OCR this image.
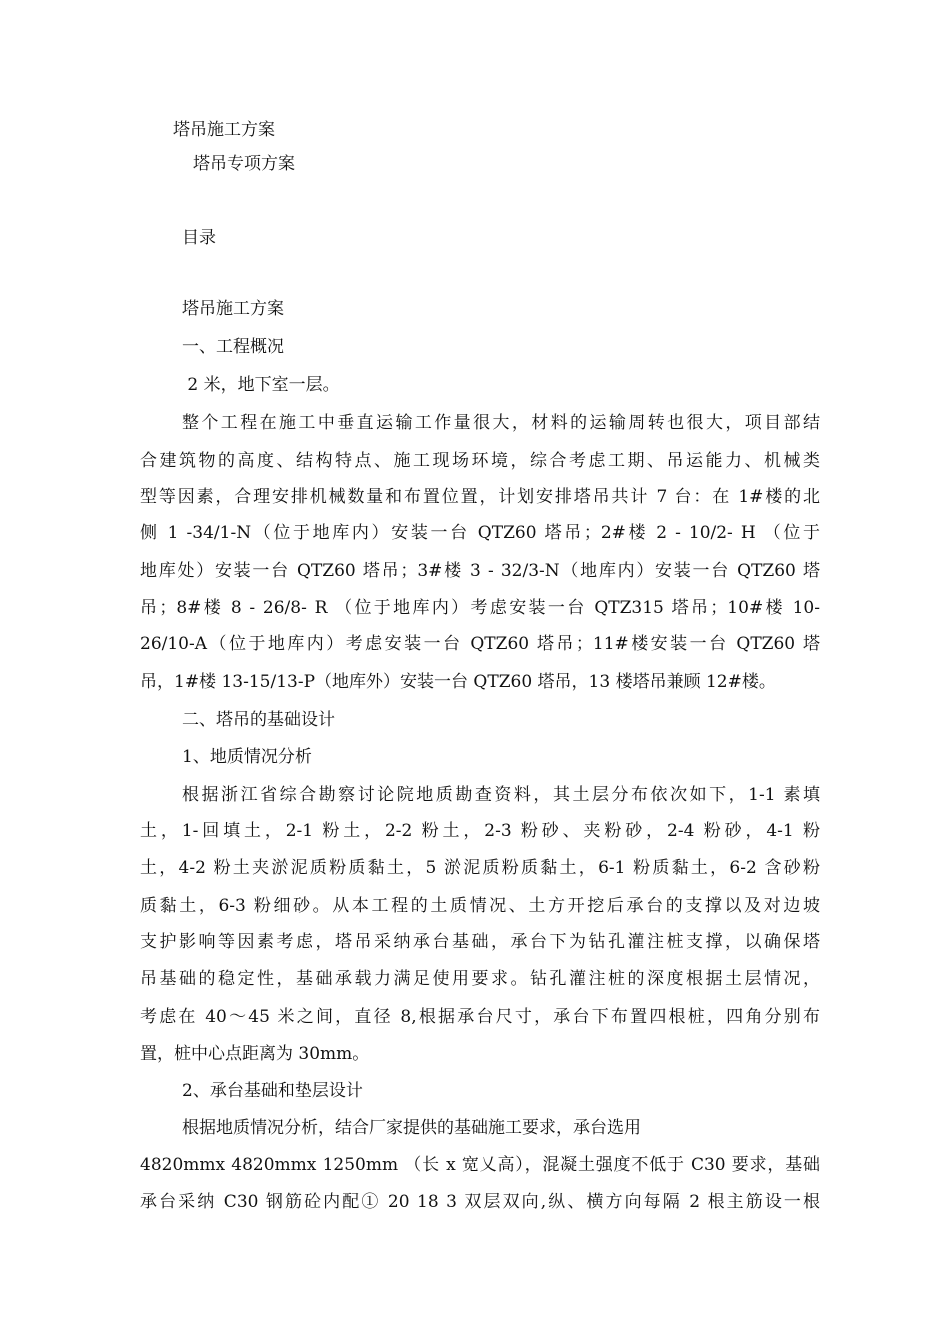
塔吊施工方案
塔吊专项方案
目录
塔吊施工方案
一、工程概况
2 米，地下室一层。
整个工程在施工中垂直运输工作量很大，材料的运输周转也很大，项目部结
合建筑物的高度、结构特点、施工现场环境，综合考虑工期、吊运能力、机械类
型等因素，合理安排机械数量和布置位置，计划安排塔吊共计 7 台：在 1#楼的北
侧 1 -34/1-N（位于地库内）安装一台 QTZ60 塔吊；2#楼 2 - 10/2- H （位于
地库处）安装一台 QTZ60 塔吊；3#楼 3 - 32/3-N（地库内）安装一台 QTZ60 塔
吊；8#楼 8 - 26/8- R （位于地库内）考虑安装一台 QTZ315 塔吊；10#楼 10-
26/10-A（位于地库内）考虑安装一台 QTZ60 塔吊；11#楼安装一台 QTZ60 塔
吊，1#楼 13-15/13-P（地库外）安装一台 QTZ60 塔吊，13 楼塔吊兼顾 12#楼。
二、塔吊的基础设计
1、地质情况分析
根据浙江省综合勘察讨论院地质勘查资料，其土层分布依次如下，1-1 素填
土，1-回填土，2-1 粉土，2-2 粉土，2-3 粉砂、夹粉砂，2-4 粉砂，4-1 粉
土，4-2 粉土夹淤泥质粉质黏土，5 淤泥质粉质黏土，6-1 粉质黏土，6-2 含砂粉
质黏土，6-3 粉细砂。从本工程的土质情况、土方开挖后承台的支撑以及对边坡
支护影响等因素考虑，塔吊采纳承台基础，承台下为钻孔灌注桩支撑，以确保塔
吊基础的稳定性，基础承载力满足使用要求。钻孔灌注桩的深度根据土层情况，
考虑在 40〜45 米之间，直径 8,根据承台尺寸，承台下布置四根桩，四角分别布
置，桩中心点距离为 30mm。
2、承台基础和垫层设计
根据地质情况分析，结合厂家提供的基础施工要求，承台选用
4820mmx 4820mmx 1250mm （长 x 宽乂高），混凝土强度不低于 C30 要求，基础
承台采纳 C30 钢筋砼内配① 20 18 3 双层双向,纵、横方向每隔 2 根主筋设一根
